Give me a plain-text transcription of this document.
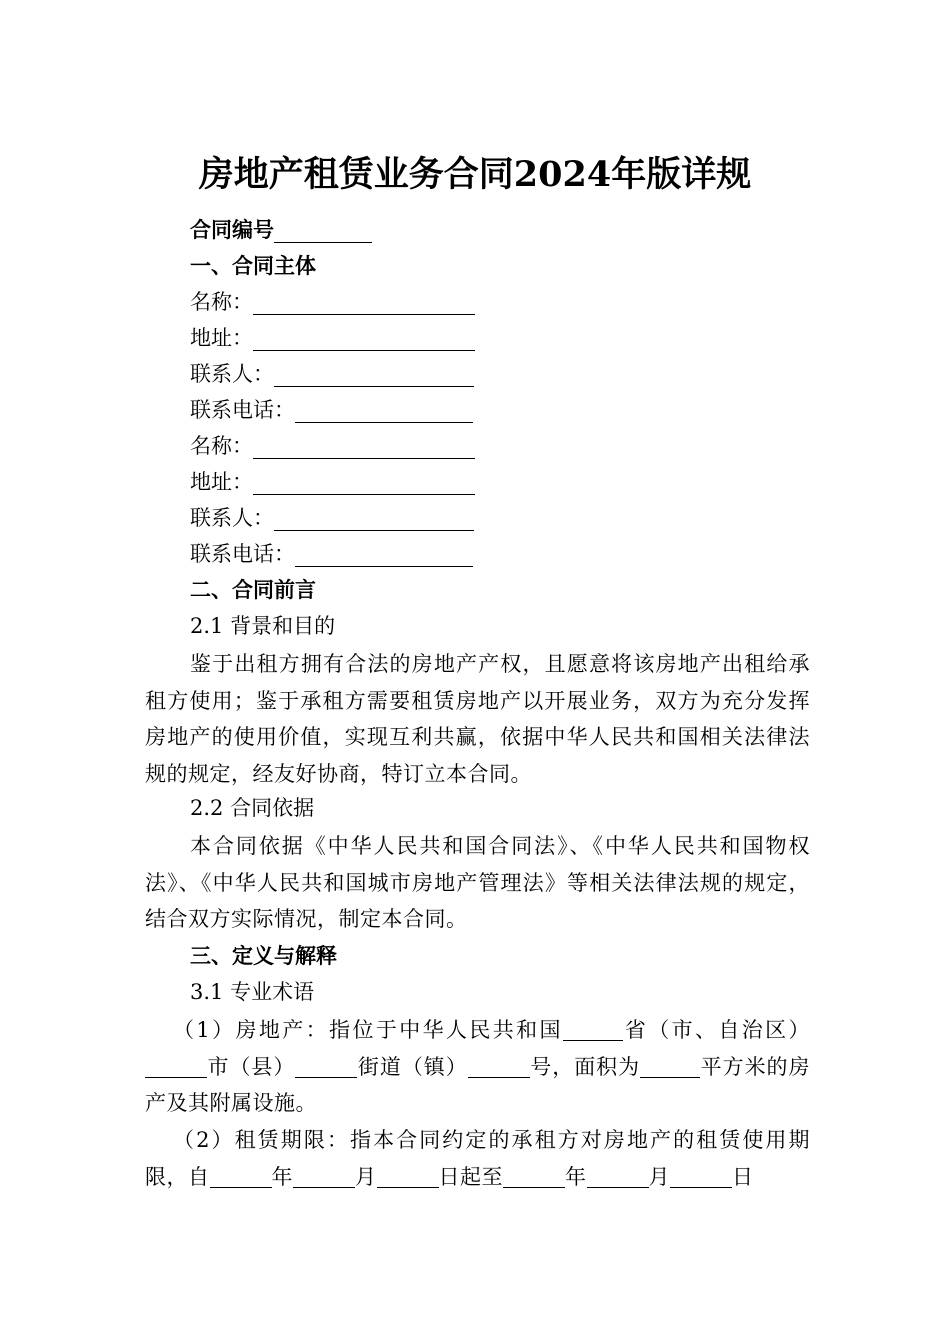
房地产租赁业务合同2024年版详规
合同编号
一、合同主体
名称：
地址：
联系人：
联系电话：
名称：
地址：
联系人：
联系电话：
二、合同前言
2.1 背景和目的
鉴于出租方拥有合法的房地产产权，且愿意将该房地产出租给承租方使用；鉴于承租方需要租赁房地产以开展业务，双方为充分发挥房地产的使用价值，实现互利共赢，依据中华人民共和国相关法律法规的规定，经友好协商，特订立本合同。
2.2 合同依据
本合同依据《中华人民共和国合同法》、《中华人民共和国物权法》、《中华人民共和国城市房地产管理法》等相关法律法规的规定，结合双方实际情况，制定本合同。
三、定义与解释
3.1 专业术语
（1）房地产：指位于中华人民共和国	省（市、自治区）市（县）	街道（镇）	号，面积为	平方米的房产及其附属设施。
（2）租赁期限：指本合同约定的承租方对房地产的租赁使用期限，自	年	月	日起至	年	月	日
